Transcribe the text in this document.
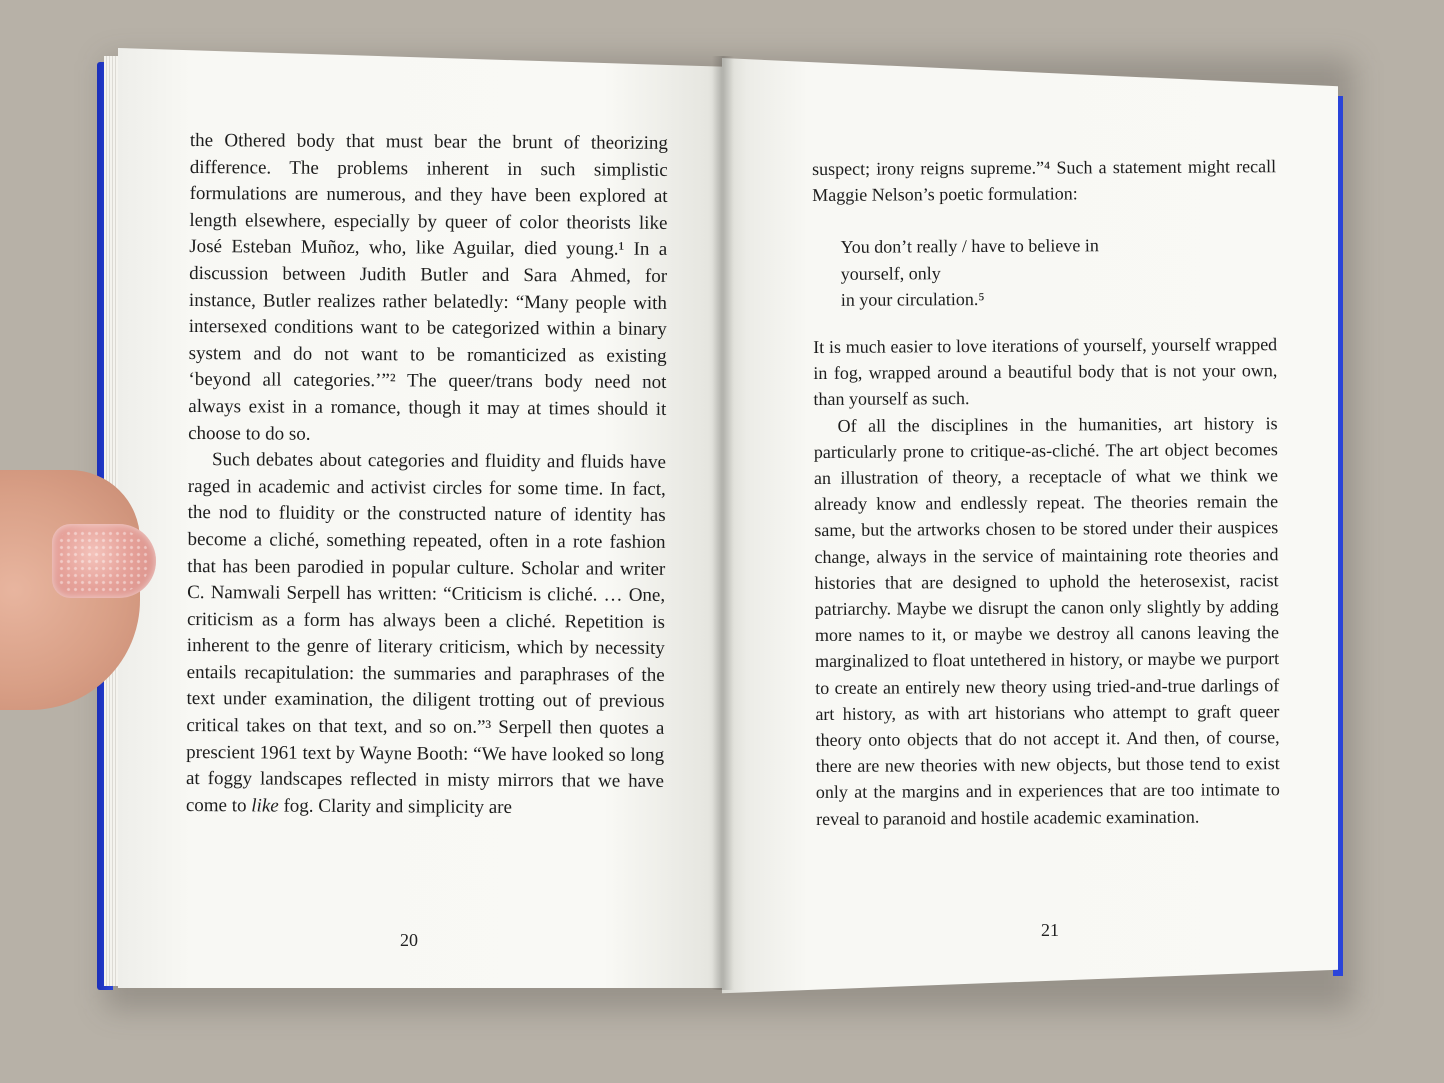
the Othered body that must bear the brunt of theorizing difference. The problems inherent in such simplistic formulations are numerous, and they have been explored at length elsewhere, especially by queer of color theorists like José Esteban Muñoz, who, like Aguilar, died young.¹ In a discussion between Judith Butler and Sara Ahmed, for instance, Butler realizes rather belatedly: “Many people with intersexed conditions want to be categorized within a binary system and do not want to be romanticized as existing ‘beyond all categories.’”² The queer/trans body need not always exist in a romance, though it may at times should it choose to do so.

Such debates about categories and fluidity and fluids have raged in academic and activist circles for some time. In fact, the nod to fluidity or the constructed nature of identity has become a cliché, something repeated, often in a rote fashion that has been parodied in popular culture. Scholar and writer C. Namwali Serpell has written: “Criticism is cliché. … One, criticism as a form has always been a cliché. Repetition is inherent to the genre of literary criticism, which by necessity entails recapitulation: the summaries and paraphrases of the text under examination, the diligent trotting out of previous critical takes on that text, and so on.”³ Serpell then quotes a prescient 1961 text by Wayne Booth: “We have looked so long at foggy landscapes reflected in misty mirrors that we have come to like fog. Clarity and simplicity are

20

suspect; irony reigns supreme.”⁴ Such a statement might recall Maggie Nelson’s poetic formulation:

You don’t really / have to believe in
yourself, only
in your circulation.⁵

It is much easier to love iterations of yourself, yourself wrapped in fog, wrapped around a beautiful body that is not your own, than yourself as such.

Of all the disciplines in the humanities, art history is particularly prone to critique-as-cliché. The art object becomes an illustration of theory, a receptacle of what we think we already know and endlessly repeat. The theories remain the same, but the artworks chosen to be stored under their auspices change, always in the service of maintaining rote theories and histories that are designed to uphold the heterosexist, racist patriarchy. Maybe we disrupt the canon only slightly by adding more names to it, or maybe we destroy all canons leaving the marginalized to float untethered in history, or maybe we purport to create an entirely new theory using tried-and-true darlings of art history, as with art historians who attempt to graft queer theory onto objects that do not accept it. And then, of course, there are new theories with new objects, but those tend to exist only at the margins and in experiences that are too intimate to reveal to paranoid and hostile academic examination.

21
